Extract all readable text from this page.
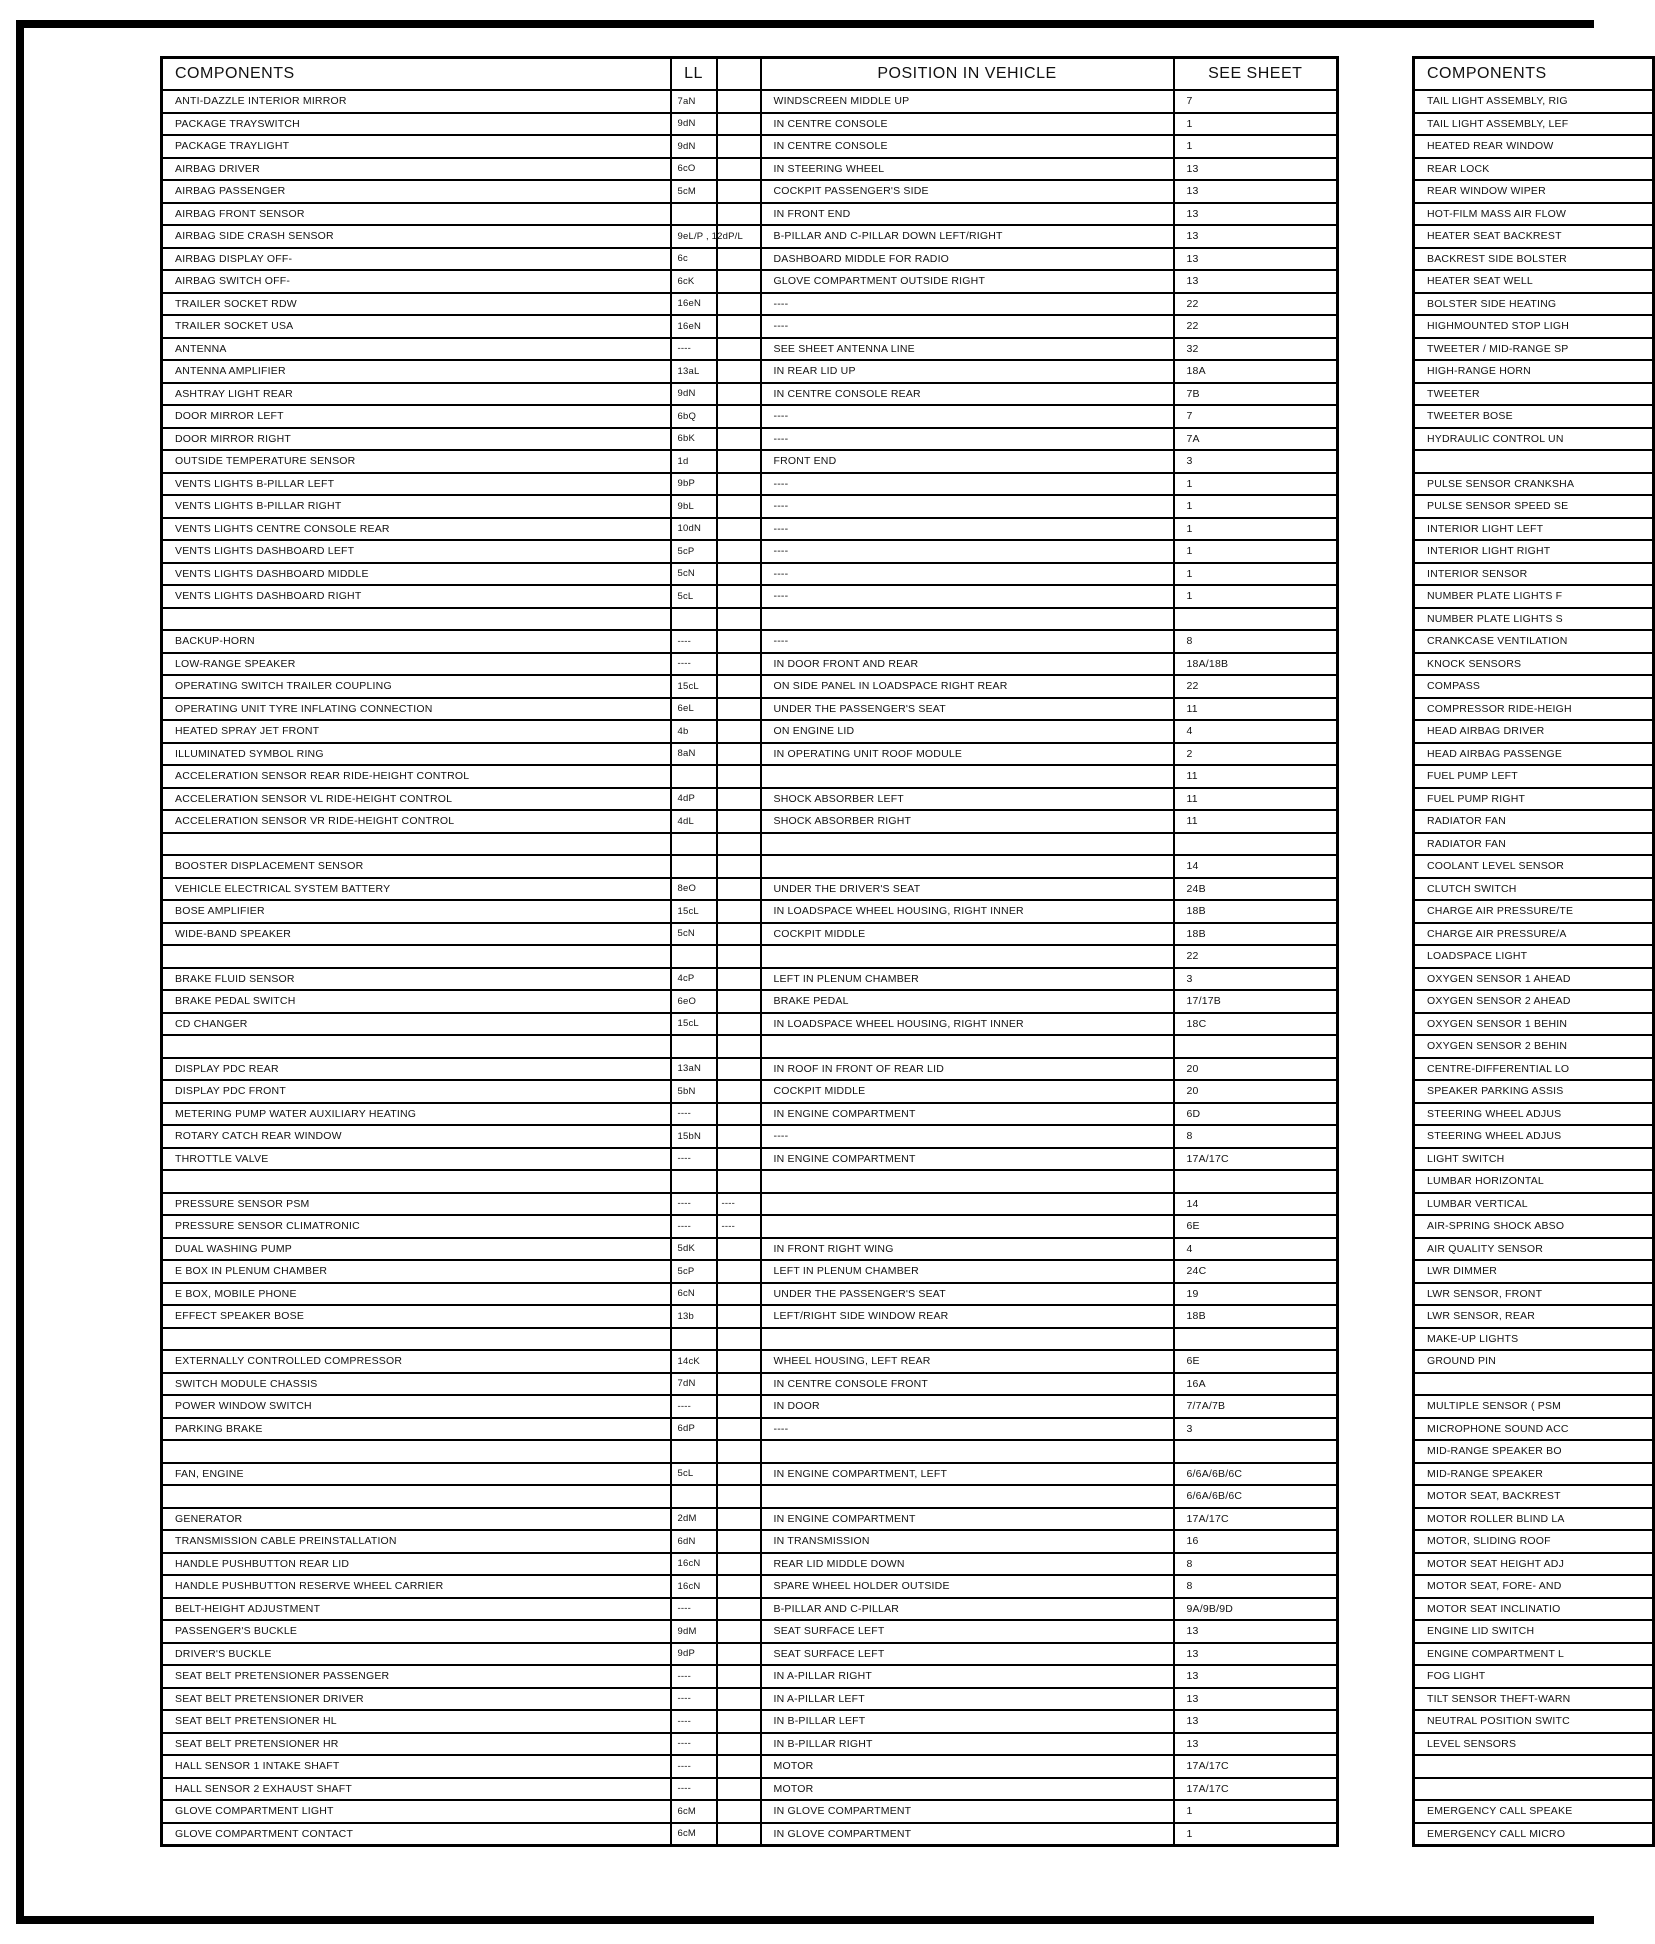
COMPONENTS	LL		POSITION IN VEHICLE	SEE SHEET
ANTI-DAZZLE INTERIOR MIRROR	7aN		WINDSCREEN MIDDLE UP	7
PACKAGE TRAYSWITCH	9dN		IN CENTRE CONSOLE	1
PACKAGE TRAYLIGHT	9dN		IN CENTRE CONSOLE	1
AIRBAG DRIVER	6cO		IN STEERING WHEEL	13
AIRBAG PASSENGER	5cM		COCKPIT PASSENGER'S SIDE	13
AIRBAG FRONT SENSOR			IN FRONT END	13
AIRBAG SIDE CRASH SENSOR	9eL/P , 12dP/L		B-PILLAR AND C-PILLAR DOWN LEFT/RIGHT	13
AIRBAG DISPLAY OFF-	6c		DASHBOARD MIDDLE FOR RADIO	13
AIRBAG SWITCH OFF-	6cK		GLOVE COMPARTMENT OUTSIDE RIGHT	13
TRAILER SOCKET RDW	16eN		----	22
TRAILER SOCKET USA	16eN		----	22
ANTENNA	----		SEE SHEET ANTENNA LINE	32
ANTENNA AMPLIFIER	13aL		IN REAR LID UP	18A
ASHTRAY LIGHT REAR	9dN		IN CENTRE CONSOLE REAR	7B
DOOR MIRROR LEFT	6bQ		----	7
DOOR MIRROR RIGHT	6bK		----	7A
OUTSIDE TEMPERATURE SENSOR	1d		FRONT END	3
VENTS LIGHTS B-PILLAR LEFT	9bP		----	1
VENTS LIGHTS B-PILLAR RIGHT	9bL		----	1
VENTS LIGHTS CENTRE CONSOLE REAR	10dN		----	1
VENTS LIGHTS DASHBOARD LEFT	5cP		----	1
VENTS LIGHTS DASHBOARD MIDDLE	5cN		----	1
VENTS LIGHTS DASHBOARD RIGHT	5cL		----	1

BACKUP-HORN	----		----	8
LOW-RANGE SPEAKER	----		IN DOOR FRONT AND REAR	18A/18B
OPERATING SWITCH TRAILER COUPLING	15cL		ON SIDE PANEL IN LOADSPACE RIGHT REAR	22
OPERATING UNIT TYRE INFLATING CONNECTION	6eL		UNDER THE PASSENGER'S SEAT	11
HEATED SPRAY JET FRONT	4b		ON ENGINE LID	4
ILLUMINATED SYMBOL RING	8aN		IN OPERATING UNIT ROOF MODULE	2
ACCELERATION SENSOR REAR RIDE-HEIGHT CONTROL				11
ACCELERATION SENSOR VL RIDE-HEIGHT CONTROL	4dP		SHOCK ABSORBER LEFT	11
ACCELERATION SENSOR VR RIDE-HEIGHT CONTROL	4dL		SHOCK ABSORBER RIGHT	11

BOOSTER DISPLACEMENT SENSOR				14
VEHICLE ELECTRICAL SYSTEM BATTERY	8eO		UNDER THE DRIVER'S SEAT	24B
BOSE AMPLIFIER	15cL		IN LOADSPACE WHEEL HOUSING, RIGHT INNER	18B
WIDE-BAND SPEAKER	5cN		COCKPIT MIDDLE	18B
				22
BRAKE FLUID SENSOR	4cP		LEFT IN PLENUM CHAMBER	3
BRAKE PEDAL SWITCH	6eO		BRAKE PEDAL	17/17B
CD CHANGER	15cL		IN LOADSPACE WHEEL HOUSING, RIGHT INNER	18C

DISPLAY PDC REAR	13aN		IN ROOF IN FRONT OF REAR LID	20
DISPLAY PDC FRONT	5bN		COCKPIT MIDDLE	20
METERING PUMP WATER AUXILIARY HEATING	----		IN ENGINE COMPARTMENT	6D
ROTARY CATCH REAR WINDOW	15bN		----	8
THROTTLE VALVE	----		IN ENGINE COMPARTMENT	17A/17C

PRESSURE SENSOR PSM	----	----		14
PRESSURE SENSOR CLIMATRONIC	----	----		6E
DUAL WASHING PUMP	5dK		IN FRONT RIGHT WING	4
E BOX IN PLENUM CHAMBER	5cP		LEFT IN PLENUM CHAMBER	24C
E BOX, MOBILE PHONE	6cN		UNDER THE PASSENGER'S SEAT	19
EFFECT SPEAKER BOSE	13b		LEFT/RIGHT SIDE WINDOW REAR	18B

EXTERNALLY CONTROLLED COMPRESSOR	14cK		WHEEL HOUSING, LEFT REAR	6E
SWITCH MODULE CHASSIS	7dN		IN CENTRE CONSOLE FRONT	16A
POWER WINDOW SWITCH	----		IN DOOR	7/7A/7B
PARKING BRAKE	6dP		----	3

FAN, ENGINE	5cL		IN ENGINE COMPARTMENT, LEFT	6/6A/6B/6C
				6/6A/6B/6C
GENERATOR	2dM		IN ENGINE COMPARTMENT	17A/17C
TRANSMISSION CABLE PREINSTALLATION	6dN		IN TRANSMISSION	16
HANDLE PUSHBUTTON REAR LID	16cN		REAR LID MIDDLE DOWN	8
HANDLE PUSHBUTTON RESERVE WHEEL CARRIER	16cN		SPARE WHEEL HOLDER OUTSIDE	8
BELT-HEIGHT ADJUSTMENT	----		B-PILLAR AND C-PILLAR	9A/9B/9D
PASSENGER'S BUCKLE	9dM		SEAT SURFACE LEFT	13
DRIVER'S BUCKLE	9dP		SEAT SURFACE LEFT	13
SEAT BELT PRETENSIONER PASSENGER	----		IN A-PILLAR RIGHT	13
SEAT BELT PRETENSIONER DRIVER	----		IN A-PILLAR LEFT	13
SEAT BELT PRETENSIONER HL	----		IN B-PILLAR LEFT	13
SEAT BELT PRETENSIONER HR	----		IN B-PILLAR RIGHT	13
HALL SENSOR 1 INTAKE SHAFT	----		MOTOR	17A/17C
HALL SENSOR 2 EXHAUST SHAFT	----		MOTOR	17A/17C
GLOVE COMPARTMENT LIGHT	6cM		IN GLOVE COMPARTMENT	1
GLOVE COMPARTMENT CONTACT	6cM		IN GLOVE COMPARTMENT	1
COMPONENTS
TAIL LIGHT ASSEMBLY, RIG
TAIL LIGHT ASSEMBLY, LEF
HEATED REAR WINDOW
REAR LOCK
REAR WINDOW WIPER
HOT-FILM MASS AIR FLOW
HEATER SEAT BACKREST
BACKREST SIDE BOLSTER
HEATER SEAT WELL
BOLSTER SIDE HEATING
HIGHMOUNTED STOP LIGH
TWEETER / MID-RANGE SP
HIGH-RANGE HORN
TWEETER
TWEETER BOSE
HYDRAULIC CONTROL UN

PULSE SENSOR CRANKSHA
PULSE SENSOR SPEED SE
INTERIOR LIGHT LEFT
INTERIOR LIGHT RIGHT
INTERIOR SENSOR
NUMBER PLATE LIGHTS F
NUMBER PLATE LIGHTS S
CRANKCASE VENTILATION
KNOCK SENSORS
COMPASS
COMPRESSOR RIDE-HEIGH
HEAD AIRBAG DRIVER
HEAD AIRBAG PASSENGE
FUEL PUMP LEFT
FUEL PUMP RIGHT
RADIATOR FAN
RADIATOR FAN
COOLANT LEVEL SENSOR
CLUTCH SWITCH
CHARGE AIR PRESSURE/TE
CHARGE AIR PRESSURE/A
LOADSPACE LIGHT
OXYGEN SENSOR 1 AHEAD
OXYGEN SENSOR 2 AHEAD
OXYGEN SENSOR 1 BEHIN
OXYGEN SENSOR 2 BEHIN
CENTRE-DIFFERENTIAL LO
SPEAKER PARKING ASSIS
STEERING WHEEL ADJUS
STEERING WHEEL ADJUS
LIGHT SWITCH
LUMBAR HORIZONTAL
LUMBAR VERTICAL
AIR-SPRING SHOCK ABSO
AIR QUALITY SENSOR
LWR DIMMER
LWR SENSOR, FRONT
LWR SENSOR, REAR
MAKE-UP LIGHTS
GROUND PIN

MULTIPLE SENSOR ( PSM
MICROPHONE SOUND ACC
MID-RANGE SPEAKER BO
MID-RANGE SPEAKER
MOTOR SEAT, BACKREST
MOTOR ROLLER BLIND LA
MOTOR, SLIDING ROOF
MOTOR SEAT HEIGHT ADJ
MOTOR SEAT, FORE- AND
MOTOR SEAT INCLINATIO
ENGINE LID SWITCH
ENGINE COMPARTMENT L
FOG LIGHT
TILT SENSOR THEFT-WARN
NEUTRAL POSITION SWITC
LEVEL SENSORS

EMERGENCY CALL SPEAKE
EMERGENCY CALL MICRO
